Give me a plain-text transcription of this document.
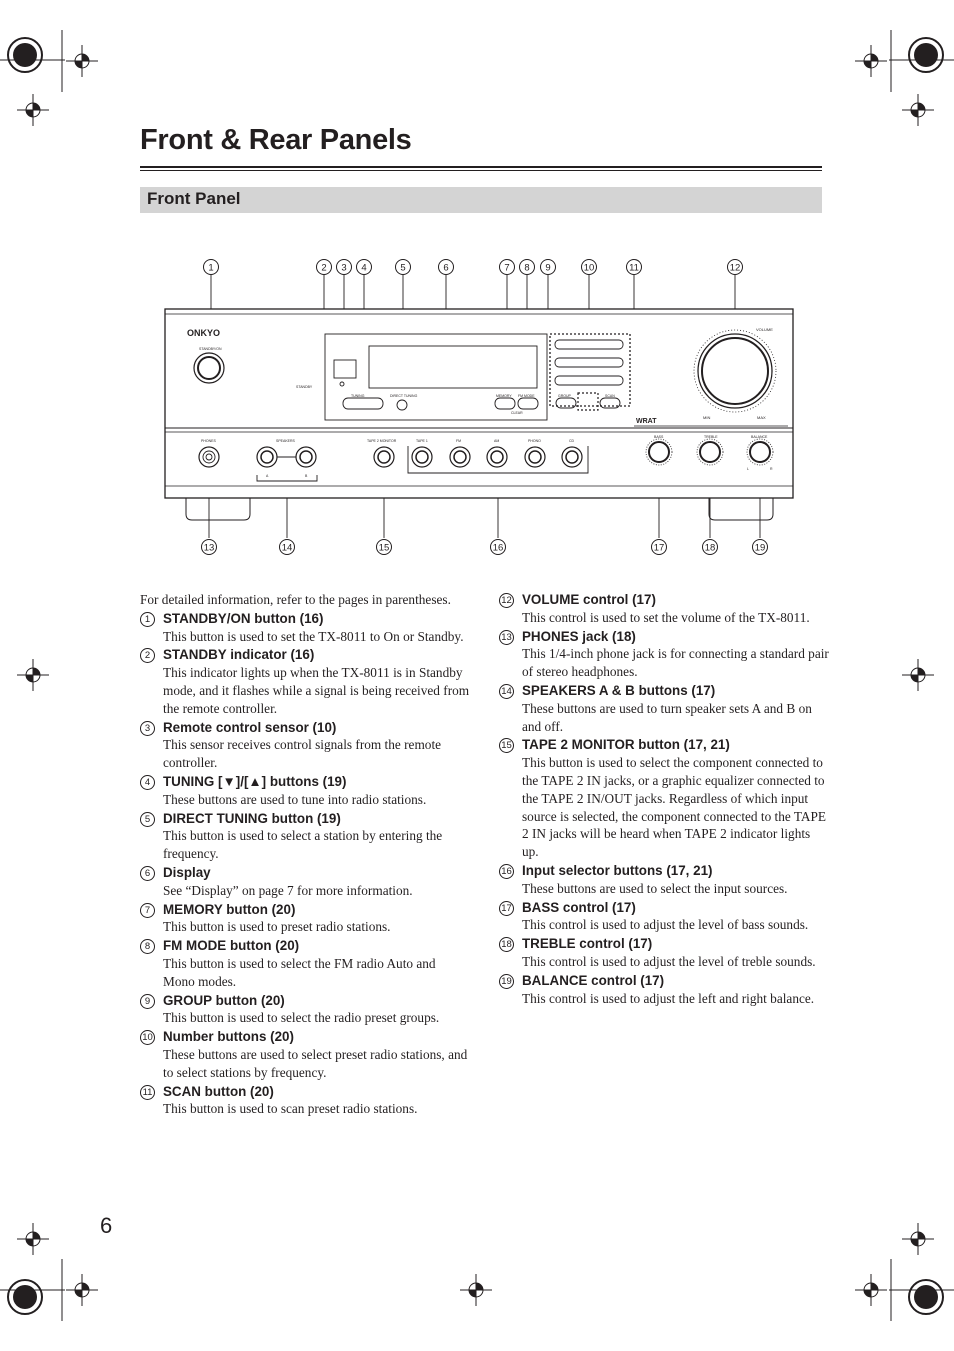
Front & Rear Panels
Front Panel
1	2 3 4	5	6	7 8 9	10	11	12
13	14	15	16	17	18	19
ONKYO
STANDBY/ON
STANDBY
TUNING	DIRECT TUNING	MEMORY FM MODE
CLEAR
GROUP	SCAN
VOLUME
MIN	MAX
WRAT
PHONES	SPEAKERS
A	B
TAPE 2 MONITOR	TAPE 1	FM	AM	PHONO	CD
BASS	TREBLE	BALANCE
L	R

For detailed information, refer to the pages in parentheses.

1 STANDBY/ON button (16)
This button is used to set the TX-8011 to On or Standby.
2 STANDBY indicator (16)
This indicator lights up when the TX-8011 is in Standby mode, and it flashes while a signal is being received from the remote controller.
3 Remote control sensor (10)
This sensor receives control signals from the remote controller.
4 TUNING [▼]/[▲] buttons (19)
These buttons are used to tune into radio stations.
5 DIRECT TUNING button (19)
This button is used to select a station by entering the frequency.
6 Display
See “Display” on page 7 for more information.
7 MEMORY button (20)
This button is used to preset radio stations.
8 FM MODE button (20)
This button is used to select the FM radio Auto and Mono modes.
9 GROUP button (20)
This button is used to select the radio preset groups.
10 Number buttons (20)
These buttons are used to select preset radio stations, and to select stations by frequency.
11 SCAN button (20)
This button is used to scan preset radio stations.
12 VOLUME control (17)
This control is used to set the volume of the TX-8011.
13 PHONES jack (18)
This 1/4-inch phone jack is for connecting a standard pair of stereo headphones.
14 SPEAKERS A & B buttons (17)
These buttons are used to turn speaker sets A and B on and off.
15 TAPE 2 MONITOR button (17, 21)
This button is used to select the component connected to the TAPE 2 IN jacks, or a graphic equalizer connected to the TAPE 2 IN/OUT jacks. Regardless of which input source is selected, the component connected to the TAPE 2 IN jacks will be heard when TAPE 2 indicator lights up.
16 Input selector buttons (17, 21)
These buttons are used to select the input sources.
17 BASS control (17)
This control is used to adjust the level of bass sounds.
18 TREBLE control (17)
This control is used to adjust the level of treble sounds.
19 BALANCE control (17)
This control is used to adjust the left and right balance.
6
